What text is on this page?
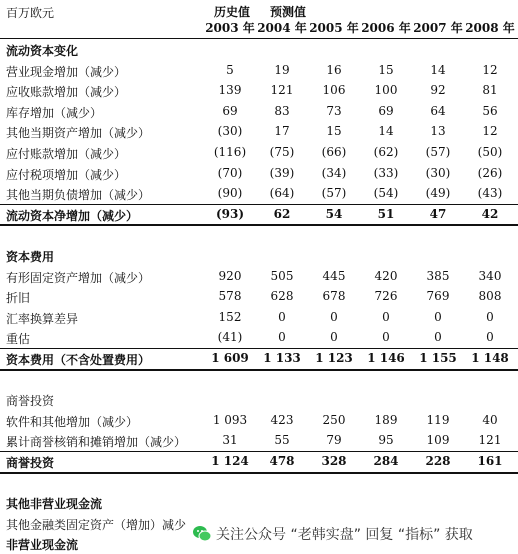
百万欧元	历史值	预测值
2003 年 2004 年 2005 年 2006 年 2007 年 2008 年
流动资本变化
营业现金增加（减少）	5	19	16	15	14	12
应收账款增加（减少）	139	121	106	100	92	81
库存增加（减少）	69	83	73	69	64	56
其他当期资产增加（减少）	(30)	17	15	14	13	12
应付账款增加（减少）	(116)	(75)	(66)	(62)	(57)	(50)
应付税项增加（减少）	(70)	(39)	(34)	(33)	(30)	(26)
其他当期负债增加（减少）	(90)	(64)	(57)	(54)	(49)	(43)
流动资本净增加（减少）	(93)	62	54	51	47	42
资本费用
有形固定资产增加（减少）	920	505	445	420	385	340
折旧	578	628	678	726	769	808
汇率换算差异	152	0	0	0	0	0
重估	(41)	0	0	0	0	0
资本费用（不含处置费用）	1 609	1 133	1 123	1 146	1 155	1 148
商誉投资
软件和其他增加（减少）	1 093	423	250	189	119	40
累计商誉核销和摊销增加（减少）	31	55	79	95	109	121
商誉投资	1 124	478	328	284	228	161
其他非营业现金流
其他金融类固定资产（增加）减少
非营业现金流
关注公众号 “老韩实盘” 回复 “指标” 获取
